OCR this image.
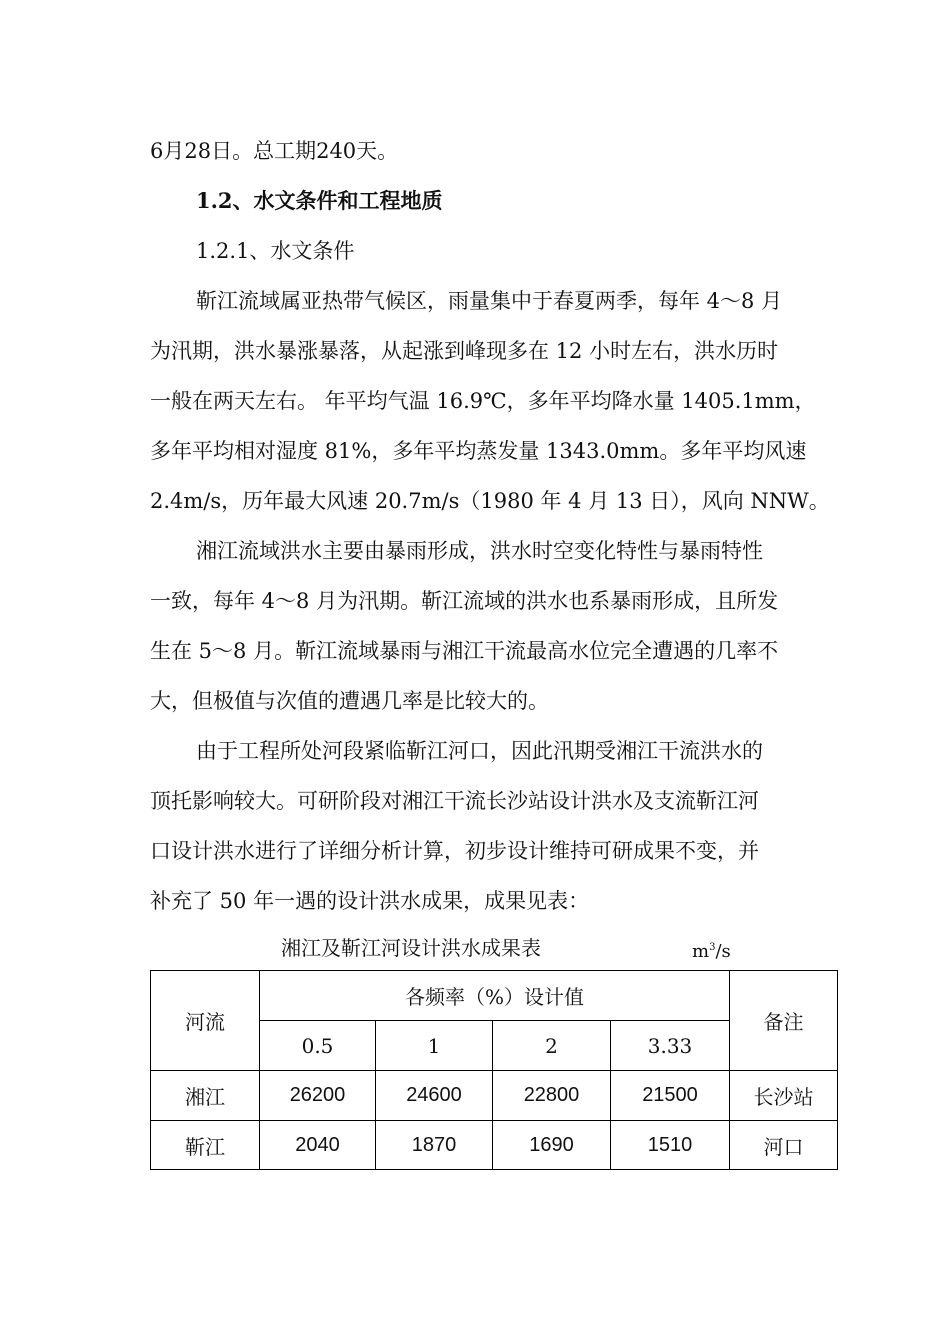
6月28日。总工期240天。
1.2、水文条件和工程地质
1.2.1、水文条件
靳江流域属亚热带气候区，雨量集中于春夏两季，每年 4～8 月
为汛期，洪水暴涨暴落，从起涨到峰现多在 12 小时左右，洪水历时
一般在两天左右。 年平均气温 16.9℃，多年平均降水量 1405.1mm，
多年平均相对湿度 81%，多年平均蒸发量 1343.0mm。多年平均风速
2.4m/s，历年最大风速 20.7m/s（1980 年 4 月 13 日），风向 NNW。
湘江流域洪水主要由暴雨形成，洪水时空变化特性与暴雨特性
一致，每年 4～8 月为汛期。靳江流域的洪水也系暴雨形成，且所发
生在 5～8 月。靳江流域暴雨与湘江干流最高水位完全遭遇的几率不
大，但极值与次值的遭遇几率是比较大的。
由于工程所处河段紧临靳江河口，因此汛期受湘江干流洪水的
顶托影响较大。可研阶段对湘江干流长沙站设计洪水及支流靳江河
口设计洪水进行了详细分析计算，初步设计维持可研成果不变，并
补充了 50 年一遇的设计洪水成果，成果见表：
湘江及靳江河设计洪水成果表	$m^3/s$
河流	各频率（%）设计值				备注
	0.5	1	2	3.33	
湘江	26200	24600	22800	21500	长沙站
靳江	2040	1870	1690	1510	河口
